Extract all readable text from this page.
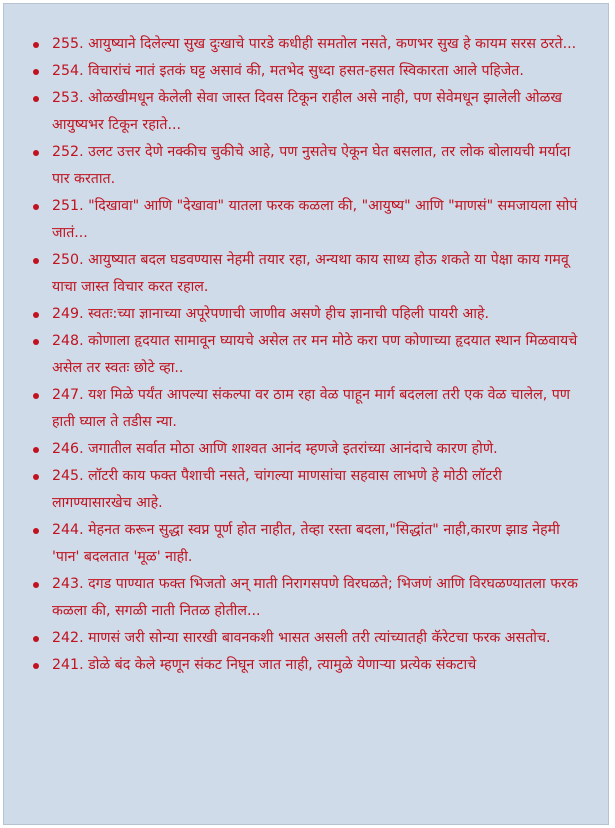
255. आयुष्याने दिलेल्या सुख दुःखाचे पारडे कधीही समतोल नसते, कणभर सुख हे कायम सरस ठरते...
254. विचारांचं नातं इतकं घट्ट असावं की, मतभेद सुध्दा हसत-हसत स्विकारता आले पहिजेत.
253. ओळखीमधून केलेली सेवा जास्त दिवस टिकून राहील असे नाही, पण सेवेमधून झालेली ओळख आयुष्यभर टिकून रहाते...
252. उलट उत्तर देणे नक्कीच चुकीचे आहे, पण नुसतेच ऐकून घेत बसलात, तर लोक बोलायची मर्यादा पार करतात.
251. "दिखावा" आणि "देखावा" यातला फरक कळला की, "आयुष्य" आणि "माणसं" समजायला सोपं जातं...
250. आयुष्यात बदल घडवण्यास नेहमी तयार रहा, अन्यथा काय साध्य होऊ शकते या पेक्षा काय गमवू याचा जास्त विचार करत रहाल.
249. स्वतः:च्या ज्ञानाच्या अपूरेपणाची जाणीव असणे हीच ज्ञानाची पहिली पायरी आहे.
248. कोणाला हृदयात सामावून घ्यायचे असेल तर मन मोठे करा पण कोणाच्या हृदयात स्थान मिळवायचे असेल तर स्वतः छोटे व्हा..
247. यश मिळे पर्यंत आपल्या संकल्पा वर ठाम रहा वेळ पाहून मार्ग बदलला तरी एक वेळ चालेल, पण हाती घ्याल ते तडीस न्या.
246. जगातील सर्वात मोठा आणि शाश्वत आनंद म्हणजे इतरांच्या आनंदाचे कारण होणे.
245. लॉटरी काय फक्त पैशाची नसते, चांगल्या माणसांचा सहवास लाभणे हे मोठी लॉटरी लागण्यासारखेच आहे.
244. मेहनत करून सुद्धा स्वप्न पूर्ण होत नाहीत, तेव्हा रस्ता बदला,"सिद्धांत" नाही,कारण झाड नेहमी 'पान' बदलतात 'मूळ' नाही.
243. दगड पाण्यात फक्त भिजतो अन् माती निरागसपणे विरघळते; भिजणं आणि विरघळण्यातला फरक कळला की, सगळी नाती नितळ होतील...
242. माणसं जरी सोन्या सारखी बावनकशी भासत असली तरी त्यांच्यातही कॅरेटचा फरक असतोच.
241. डोळे बंद केले म्हणून संकट निघून जात नाही, त्यामुळे येणाऱ्या प्रत्येक संकटाचे
